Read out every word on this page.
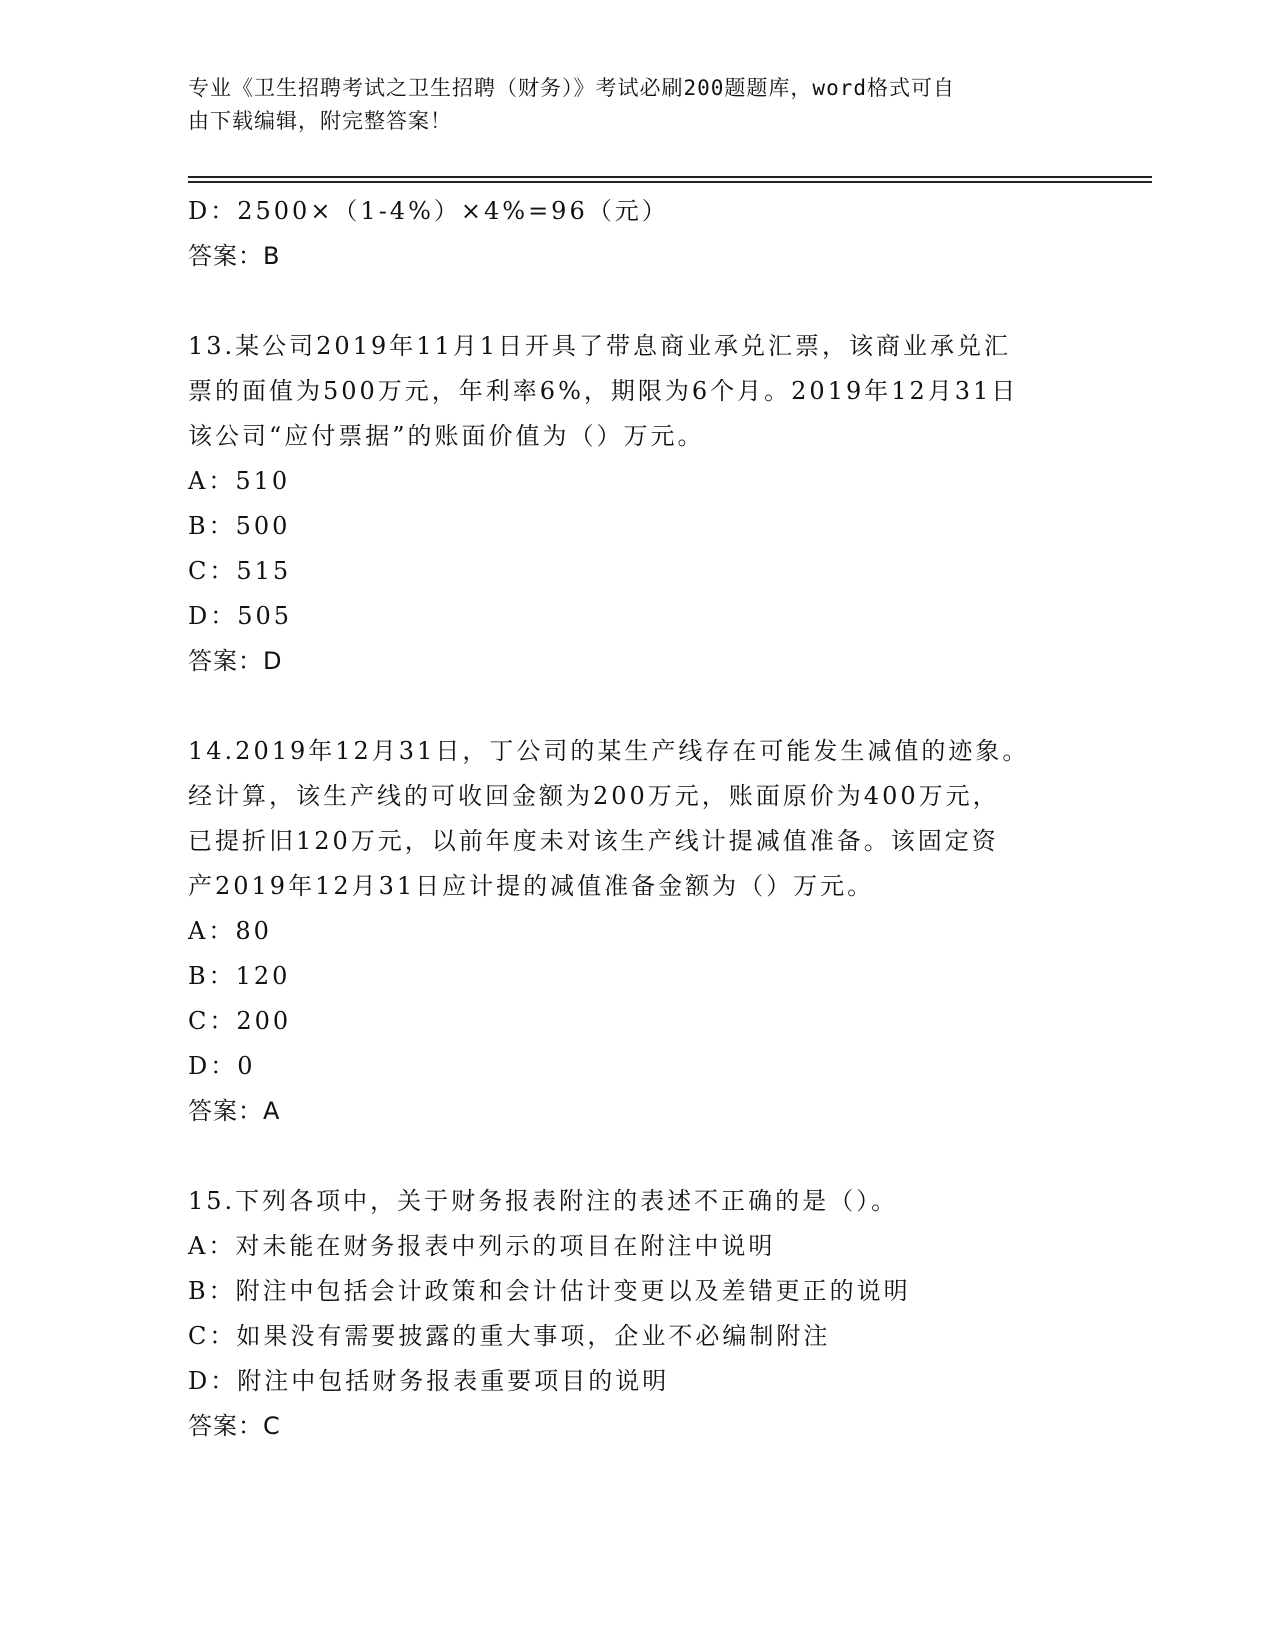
专业《卫生招聘考试之卫生招聘（财务）》考试必刷200题题库，word格式可自
由下载编辑，附完整答案！
D：2500×（1-4%）×4%=96（元）
答案：B
13.某公司2019年11月1日开具了带息商业承兑汇票，该商业承兑汇
票的面值为500万元，年利率6%，期限为6个月。2019年12月31日
该公司“应付票据”的账面价值为（）万元。
A：510
B：500
C：515
D：505
答案：D
14.2019年12月31日，丁公司的某生产线存在可能发生减值的迹象。
经计算，该生产线的可收回金额为200万元，账面原价为400万元，
已提折旧120万元，以前年度未对该生产线计提减值准备。该固定资
产2019年12月31日应计提的减值准备金额为（）万元。
A：80
B：120
C：200
D：0
答案：A
15.下列各项中，关于财务报表附注的表述不正确的是（）。
A：对未能在财务报表中列示的项目在附注中说明
B：附注中包括会计政策和会计估计变更以及差错更正的说明
C：如果没有需要披露的重大事项，企业不必编制附注
D：附注中包括财务报表重要项目的说明
答案：C
